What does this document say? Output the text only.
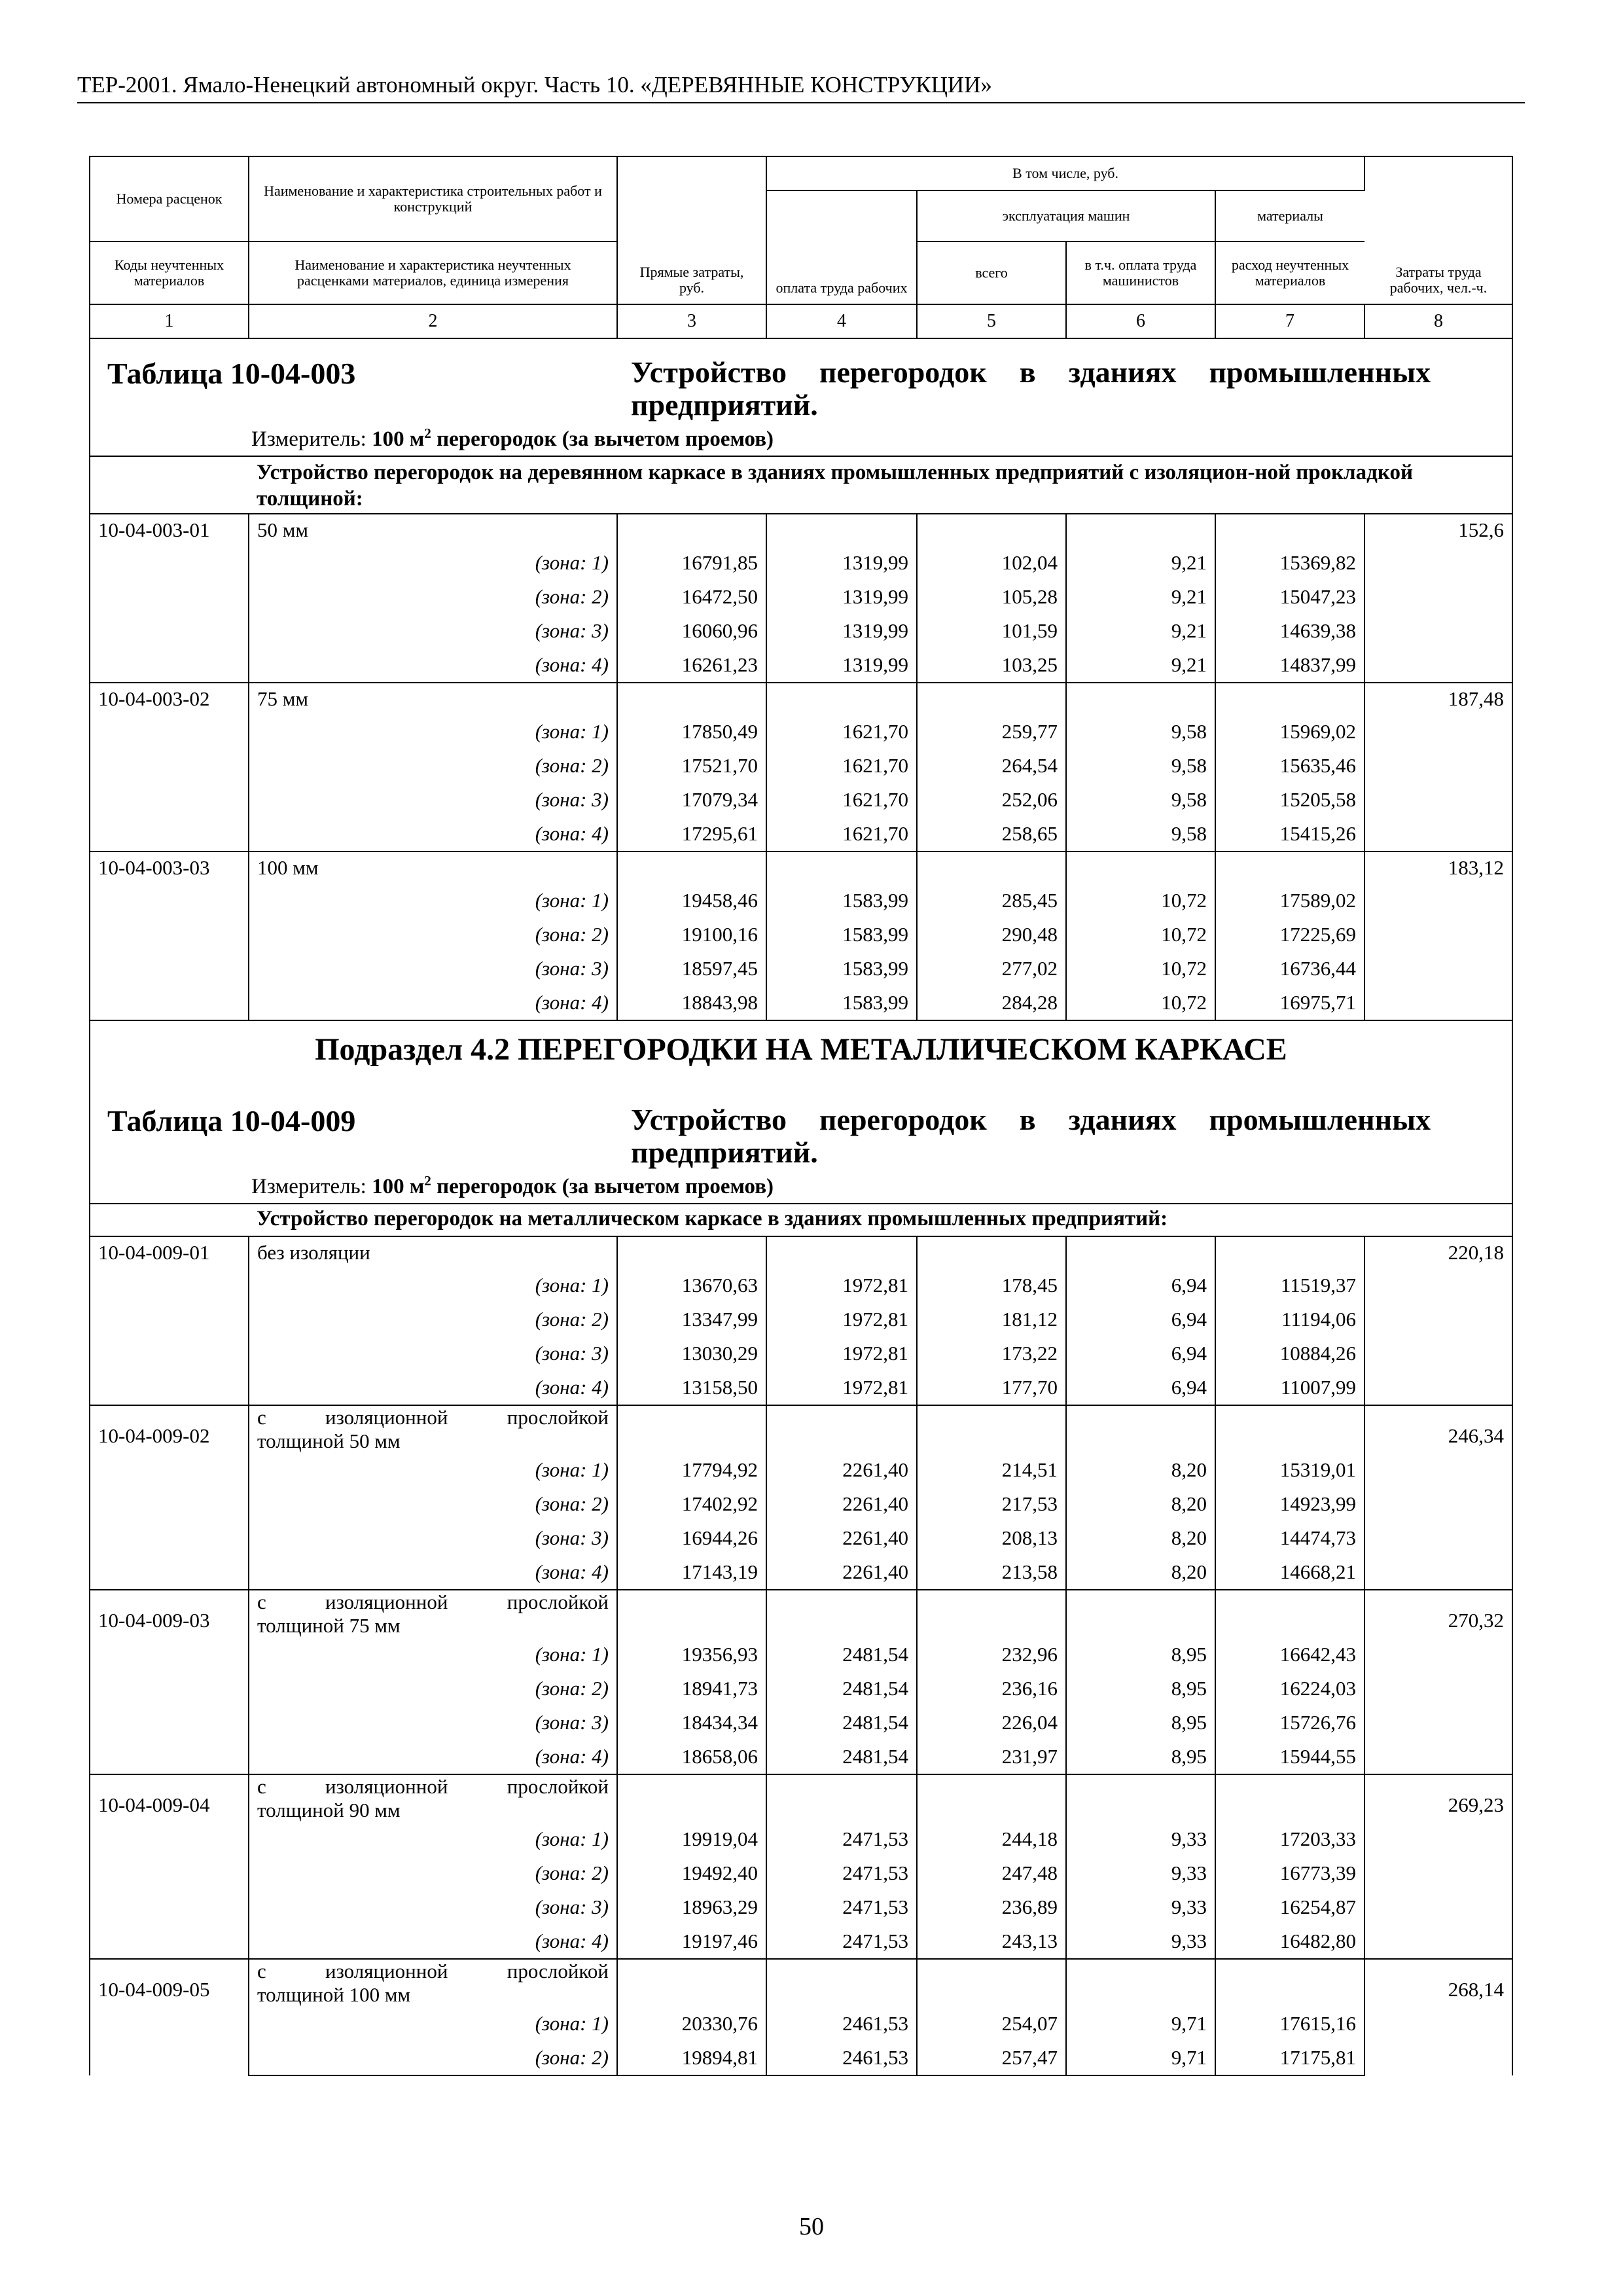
ТЕР-2001. Ямало-Ненецкий автономный округ. Часть 10. «ДЕРЕВЯННЫЕ КОНСТРУКЦИИ»
Номера расценок	Наименование и характеристика строительных работ и конструкций	Прямые затраты, руб.	В том числе, руб.				Затраты труда рабочих, чел.-ч.
			оплата труда рабочих	эксплуатация машин		материалы	
Коды неучтенных материалов	Наименование и характеристика неучтенных расценками материалов, единица измерения			всего	в т.ч. оплата труда машинистов	расход неучтенных материалов	
1	2	3	4	5	6	7	8

Таблица 10-04-003 Устройство перегородок в зданиях промышленных предприятий.
Измеритель: 100 $м^2$ перегородок (за вычетом проемов)							

	Устройство перегородок на деревянном каркасе в зданиях промышленных предприятий с изоляцион-ной прокладкой толщиной:						
10-04-003-01	50 мм						152,6
	(зона: 1)	16791,85	1319,99	102,04	9,21	15369,82	
	(зона: 2)	16472,50	1319,99	105,28	9,21	15047,23	
	(зона: 3)	16060,96	1319,99	101,59	9,21	14639,38	
	(зона: 4)	16261,23	1319,99	103,25	9,21	14837,99	
10-04-003-02	75 мм						187,48
	(зона: 1)	17850,49	1621,70	259,77	9,58	15969,02	
	(зона: 2)	17521,70	1621,70	264,54	9,58	15635,46	
	(зона: 3)	17079,34	1621,70	252,06	9,58	15205,58	
	(зона: 4)	17295,61	1621,70	258,65	9,58	15415,26	
10-04-003-03	100 мм						183,12
	(зона: 1)	19458,46	1583,99	285,45	10,72	17589,02	
	(зона: 2)	19100,16	1583,99	290,48	10,72	17225,69	
	(зона: 3)	18597,45	1583,99	277,02	10,72	16736,44	
	(зона: 4)	18843,98	1583,99	284,28	10,72	16975,71	

Подраздел 4.2 ПЕРЕГОРОДКИ НА МЕТАЛЛИЧЕСКОМ КАРКАСЕ
Таблица 10-04-009 Устройство перегородок в зданиях промышленных предприятий.
Измеритель: 100 $м^2$ перегородок (за вычетом проемов)							

	Устройство перегородок на металлическом каркасе в зданиях промышленных предприятий:						
10-04-009-01	без изоляции						220,18
	(зона: 1)	13670,63	1972,81	178,45	6,94	11519,37	
	(зона: 2)	13347,99	1972,81	181,12	6,94	11194,06	
	(зона: 3)	13030,29	1972,81	173,22	6,94	10884,26	
	(зона: 4)	13158,50	1972,81	177,70	6,94	11007,99	
10-04-009-02	с изоляционной прослойкой
толщиной 50 мм						246,34
	(зона: 1)	17794,92	2261,40	214,51	8,20	15319,01	
	(зона: 2)	17402,92	2261,40	217,53	8,20	14923,99	
	(зона: 3)	16944,26	2261,40	208,13	8,20	14474,73	
	(зона: 4)	17143,19	2261,40	213,58	8,20	14668,21	
10-04-009-03	с изоляционной прослойкой
толщиной 75 мм						270,32
	(зона: 1)	19356,93	2481,54	232,96	8,95	16642,43	
	(зона: 2)	18941,73	2481,54	236,16	8,95	16224,03	
	(зона: 3)	18434,34	2481,54	226,04	8,95	15726,76	
	(зона: 4)	18658,06	2481,54	231,97	8,95	15944,55	
10-04-009-04	с изоляционной прослойкой
толщиной 90 мм						269,23
	(зона: 1)	19919,04	2471,53	244,18	9,33	17203,33	
	(зона: 2)	19492,40	2471,53	247,48	9,33	16773,39	
	(зона: 3)	18963,29	2471,53	236,89	9,33	16254,87	
	(зона: 4)	19197,46	2471,53	243,13	9,33	16482,80	
10-04-009-05	с изоляционной прослойкой
толщиной 100 мм						268,14
	(зона: 1)	20330,76	2461,53	254,07	9,71	17615,16	
	(зона: 2)	19894,81	2461,53	257,47	9,71	17175,81	
50
